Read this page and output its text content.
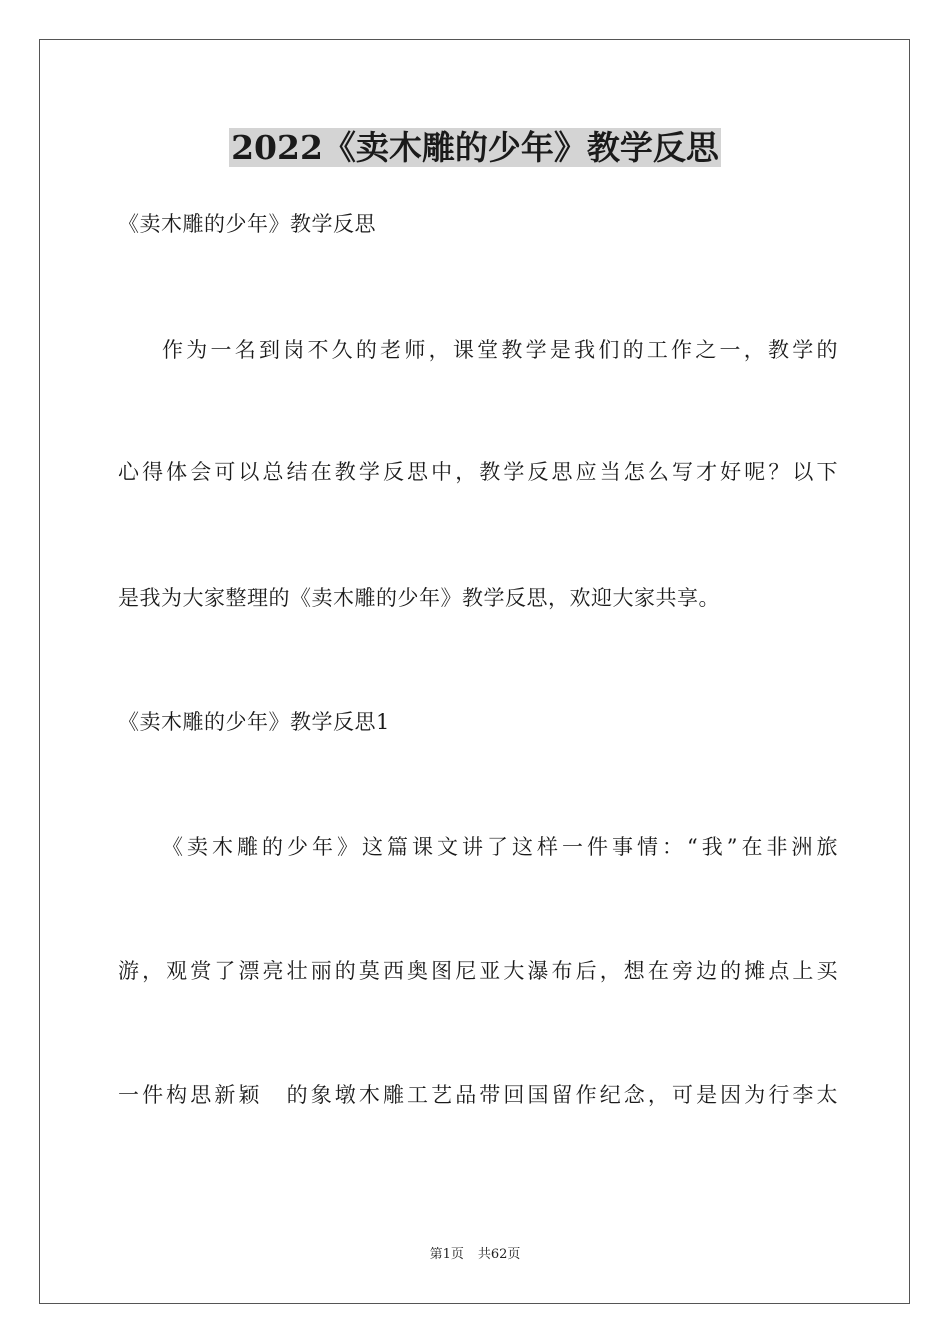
2022《卖木雕的少年》教学反思
《卖木雕的少年》教学反思
作为一名到岗不久的老师，课堂教学是我们的工作之一，教学的
心得体会可以总结在教学反思中，教学反思应当怎么写才好呢？以下
是我为大家整理的《卖木雕的少年》教学反思，欢迎大家共享。
《卖木雕的少年》教学反思1
《卖木雕的少年》这篇课文讲了这样一件事情：“我”在非洲旅
游，观赏了漂亮壮丽的莫西奥图尼亚大瀑布后，想在旁边的摊点上买
一件构思新颖　的象墩木雕工艺品带回国留作纪念，可是因为行李太
第1页 共62页
